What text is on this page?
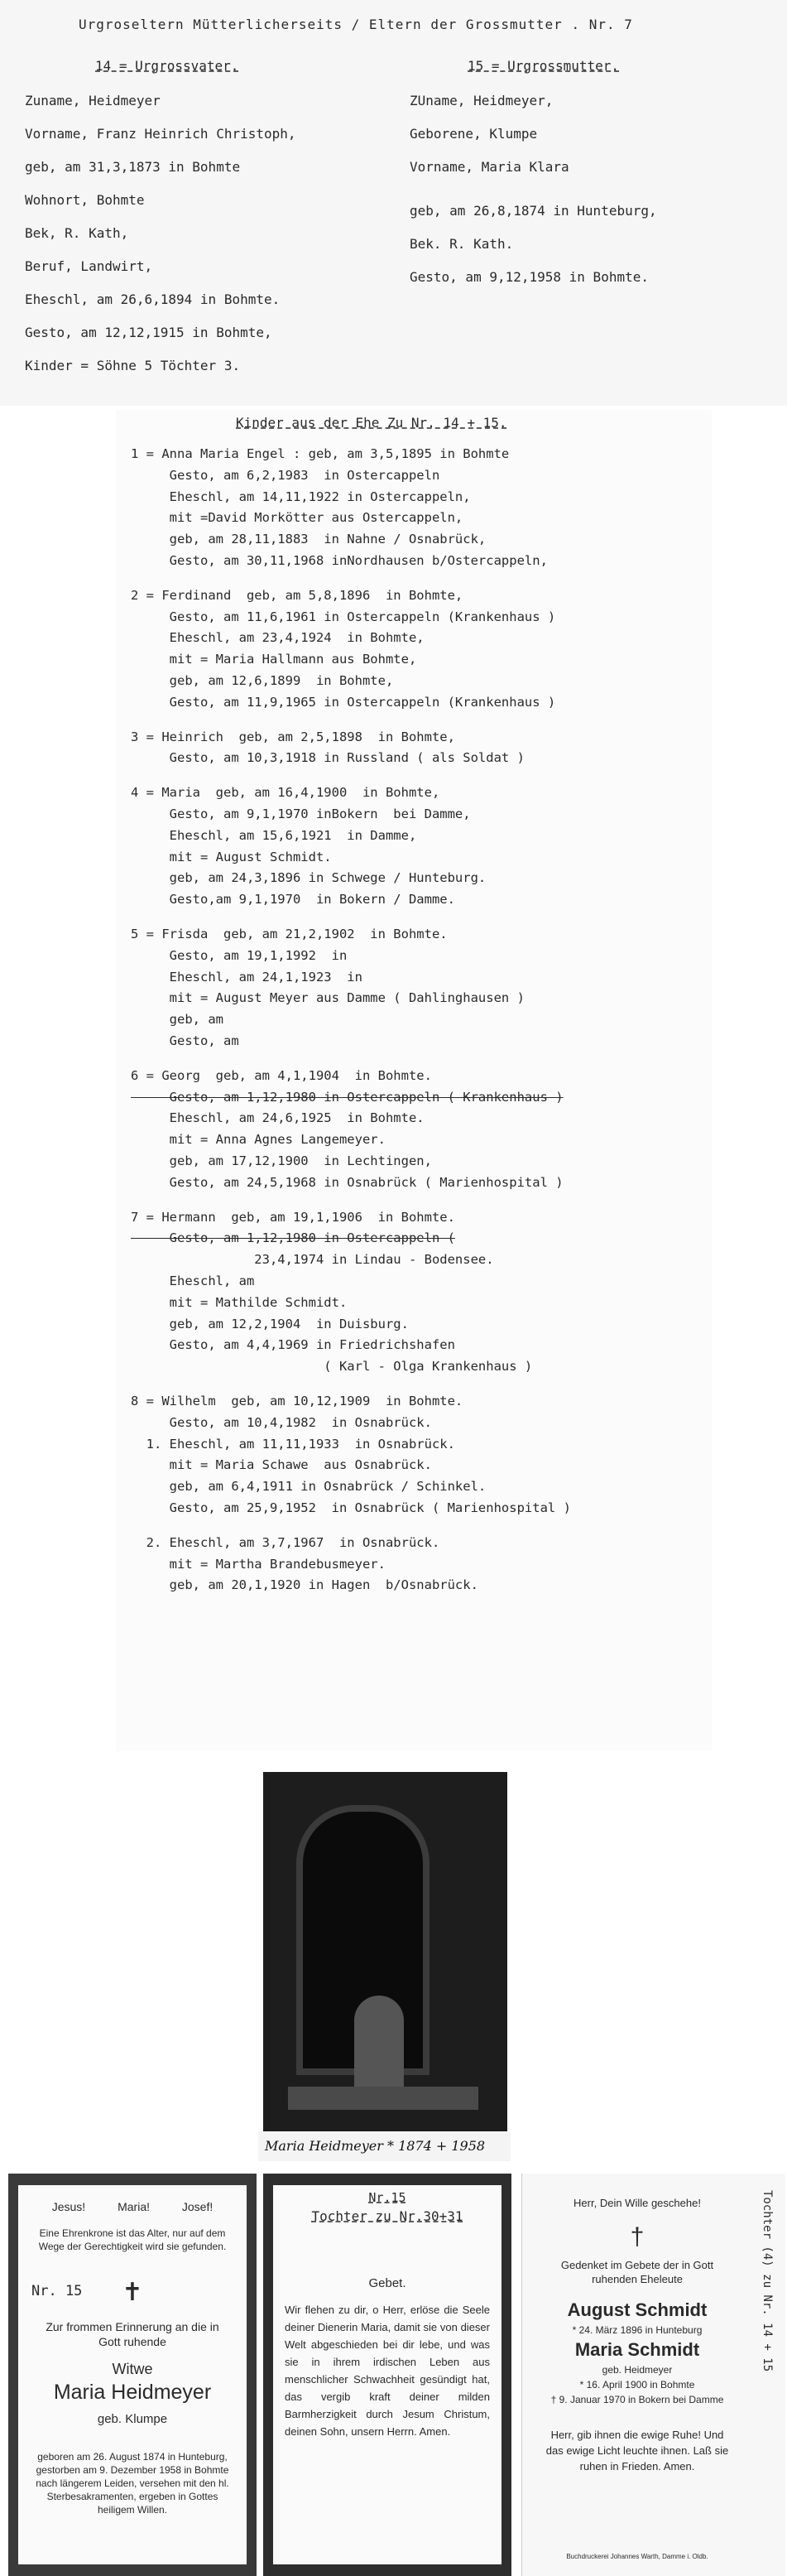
Urgroseltern Mütterlicherseits / Eltern der Grossmutter . Nr. 7
14 = Urgrossvater.	15 = Urgrossmutter.
Zuname, Heidmeyer
Vorname, Franz Heinrich Christoph,
geb, am 31,3,1873 in Bohmte
Wohnort, Bohmte
Bek, R. Kath,
Beruf, Landwirt,
Eheschl, am 26,6,1894 in Bohmte.
Gesto, am 12,12,1915 in Bohmte,
Kinder = Söhne 5 Töchter 3.
ZUname, Heidmeyer,
Geborene, Klumpe
Vorname, Maria Klara
geb, am 26,8,1874 in Hunteburg,
Bek. R. Kath.
Gesto, am 9,12,1958 in Bohmte.
Kinder aus der Ehe Zu Nr. 14 + 15.
1 = Anna Maria Engel : geb, am 3,5,1895 in Bohmte
Gesto, am 6,2,1983  in Ostercappeln
Eheschl, am 14,11,1922 in Ostercappeln,
mit =David Morkötter aus Ostercappeln,
geb, am 28,11,1883  in Nahne / Osnabrück,
Gesto, am 30,11,1968 inNordhausen b/Ostercappeln,
2 = Ferdinand  geb, am 5,8,1896  in Bohmte,
Gesto, am 11,6,1961 in Ostercappeln (Krankenhaus )
Eheschl, am 23,4,1924  in Bohmte,
mit = Maria Hallmann aus Bohmte,
geb, am 12,6,1899  in Bohmte,
Gesto, am 11,9,1965 in Ostercappeln (Krankenhaus )
3 = Heinrich  geb, am 2,5,1898  in Bohmte,
Gesto, am 10,3,1918 in Russland ( als Soldat )
4 = Maria  geb, am 16,4,1900  in Bohmte,
Gesto, am 9,1,1970 inBokern  bei Damme,
Eheschl, am 15,6,1921  in Damme,
mit = August Schmidt.
geb, am 24,3,1896 in Schwege / Hunteburg.
Gesto,am 9,1,1970  in Bokern / Damme.
5 = Frisda  geb, am 21,2,1902  in Bohmte.
Gesto, am 19,1,1992  in
Eheschl, am 24,1,1923  in
mit = August Meyer aus Damme ( Dahlinghausen )
geb, am
Gesto, am
6 = Georg  geb, am 4,1,1904  in Bohmte.
Gesto, am 1,12,1980 in Ostercappeln ( Krankenhaus )
Eheschl, am 24,6,1925  in Bohmte.
mit = Anna Agnes Langemeyer.
geb, am 17,12,1900  in Lechtingen,
Gesto, am 24,5,1968 in Osnabrück ( Marienhospital )
7 = Hermann  geb, am 19,1,1906  in Bohmte.
Gesto, am 1,12,1980 in Ostercappeln (
23,4,1974 in Lindau - Bodensee.
Eheschl, am
mit = Mathilde Schmidt.
geb, am 12,2,1904  in Duisburg.
Gesto, am 4,4,1969 in Friedrichshafen
( Karl - Olga Krankenhaus )
8 = Wilhelm  geb, am 10,12,1909  in Bohmte.
Gesto, am 10,4,1982  in Osnabrück.
1. Eheschl, am 11,11,1933  in Osnabrück.
mit = Maria Schawe  aus Osnabrück.
geb, am 6,4,1911 in Osnabrück / Schinkel.
Gesto, am 25,9,1952  in Osnabrück ( Marienhospital )
2. Eheschl, am 3,7,1967  in Osnabrück.
mit = Martha Brandebusmeyer.
geb, am 20,1,1920 in Hagen  b/Osnabrück.
Maria Heidmeyer * 1874 + 1958
Jesus!          Maria!          Josef!
Eine Ehrenkrone ist das Alter, nur auf dem Wege der Gerechtigkeit wird sie gefunden.
Nr. 15	✝
Zur frommen Erinnerung an die in Gott ruhende
Witwe
Maria Heidmeyer
geb. Klumpe
geboren am 26. August 1874 in Hunteburg, gestorben am 9. Dezember 1958 in Bohmte nach längerem Leiden, versehen mit den hl. Sterbesakramenten, ergeben in Gottes heiligem Willen.
Nr.15
Tochter zu Nr.30+31
Gebet.
Wir flehen zu dir, o Herr, erlöse die Seele deiner Dienerin Maria, damit sie von dieser Welt abgeschieden bei dir lebe, und was sie in ihrem irdischen Leben aus menschlicher Schwachheit gesündigt hat, das vergib kraft deiner milden Barmherzigkeit durch Jesum Christum, deinen Sohn, unsern Herrn. Amen.
Herr, Dein Wille geschehe!
†
Gedenket im Gebete der in Gott ruhenden Eheleute
August Schmidt
* 24. März 1896 in Hunteburg
Maria Schmidt
geb. Heidmeyer
* 16. April 1900 in Bohmte
† 9. Januar 1970 in Bokern bei Damme
Herr, gib ihnen die ewige Ruhe! Und das ewige Licht leuchte ihnen. Laß sie ruhen in Frieden. Amen.
Buchdruckerei Johannes Warth, Damme i. Oldb.
Tochter (4) zu Nr. 14 + 15
